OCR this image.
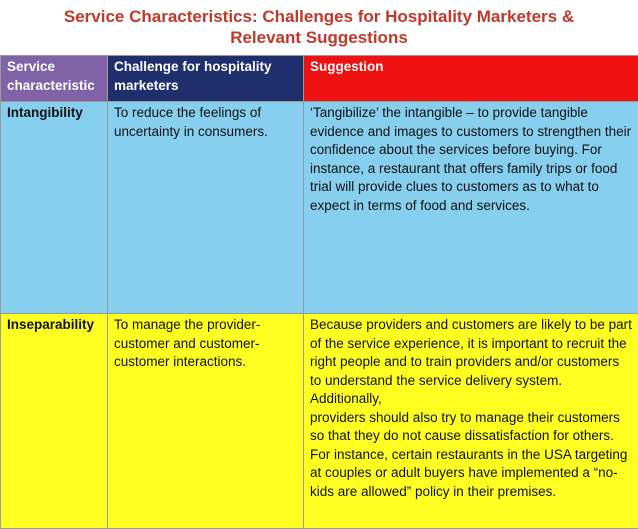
Service Characteristics: Challenges for Hospitality Marketers &
Relevant Suggestions
Service characteristic	Challenge for hospitality marketers	Suggestion
Intangibility	To reduce the feelings of uncertainty in consumers.	‘Tangibilize’ the intangible – to provide tangible evidence and images to customers to strengthen their confidence about the services before buying. For instance, a restaurant that offers family trips or food trial will provide clues to customers as to what to expect in terms of food and services.
Inseparability	To manage the provider-customer and customer-customer interactions.	Because providers and customers are likely to be part of the service experience, it is important to recruit the right people and to train providers and/or customers to understand the service delivery system. Additionally,
providers should also try to manage their customers so that they do not cause dissatisfaction for others. For instance, certain restaurants in the USA targeting at couples or adult buyers have implemented a “no-kids are allowed” policy in their premises.
